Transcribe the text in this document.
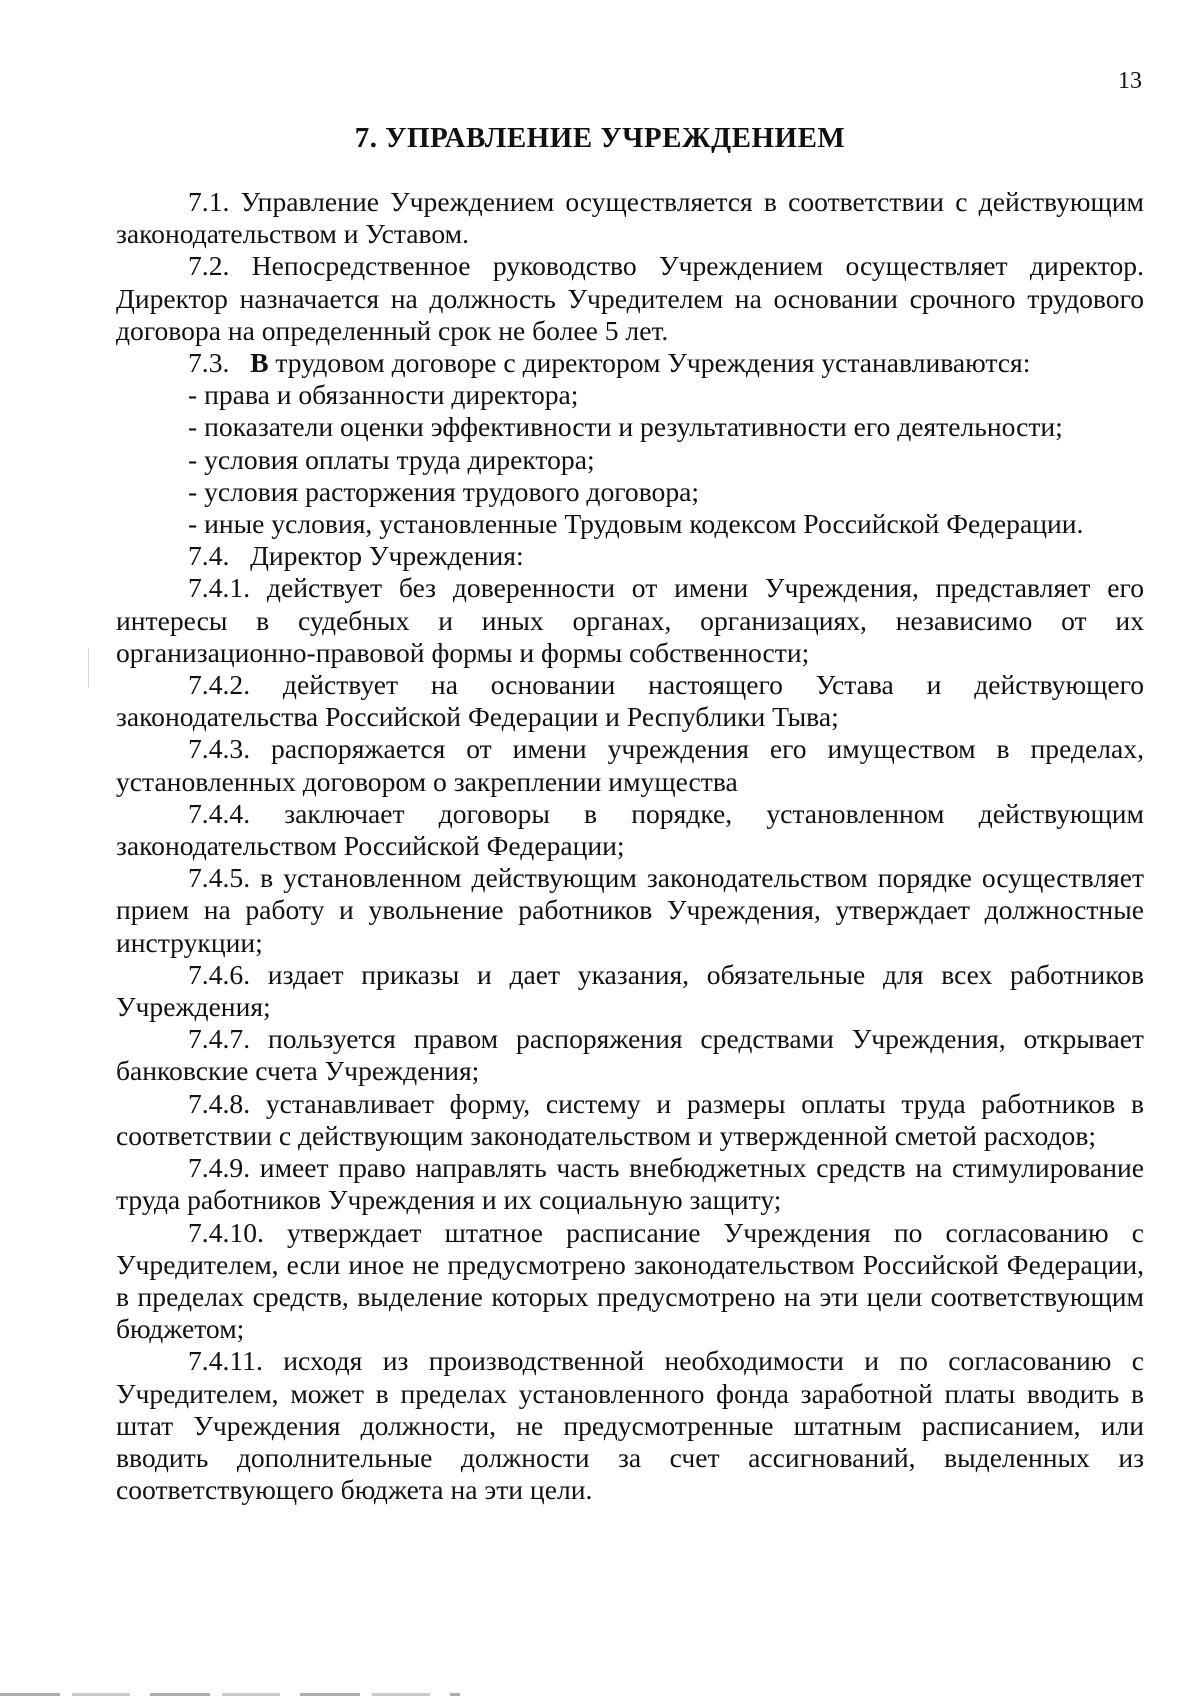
13
7. УПРАВЛЕНИЕ УЧРЕЖДЕНИЕМ

7.1. Управление Учреждением осуществляется в соответствии с действующим законодательством и Уставом.

7.2. Непосредственное руководство Учреждением осуществляет директор. Директор назначается на должность Учредителем на основании срочного трудового договора на определенный срок не более 5 лет.

7.3.   В трудовом договоре с директором Учреждения устанавливаются:

- права и обязанности директора;

- показатели оценки эффективности и результативности его деятельности;

- условия оплаты труда директора;

- условия расторжения трудового договора;

- иные условия, установленные Трудовым кодексом Российской Федерации.

7.4.   Директор Учреждения:

7.4.1. действует без доверенности от имени Учреждения, представляет его интересы в судебных и иных органах, организациях, независимо от их организационно-правовой формы и формы собственности;

7.4.2. действует на основании настоящего Устава и действующего законодательства Российской Федерации и Республики Тыва;

7.4.3. распоряжается от имени учреждения его имуществом в пределах, установленных договором о закреплении имущества

7.4.4. заключает договоры в порядке, установленном действующим законодательством Российской Федерации;

7.4.5. в установленном действующим законодательством порядке осуществляет прием на работу и увольнение работников Учреждения, утверждает должностные инструкции;

7.4.6. издает приказы и дает указания, обязательные для всех работников Учреждения;

7.4.7. пользуется правом распоряжения средствами Учреждения, открывает банковские счета Учреждения;

7.4.8. устанавливает форму, систему и размеры оплаты труда работников в соответствии с действующим законодательством и утвержденной сметой расходов;

7.4.9. имеет право направлять часть внебюджетных средств на стимулирование труда работников Учреждения и их социальную защиту;

7.4.10. утверждает штатное расписание Учреждения по согласованию с Учредителем, если иное не предусмотрено законодательством Российской Федерации, в пределах средств, выделение которых предусмотрено на эти цели соответствующим бюджетом;

7.4.11. исходя из производственной необходимости и по согласованию с Учредителем, может в пределах установленного фонда заработной платы вводить в штат Учреждения должности, не предусмотренные штатным расписанием, или вводить дополнительные должности за счет ассигнований, выделенных из соответствующего бюджета на эти цели.
